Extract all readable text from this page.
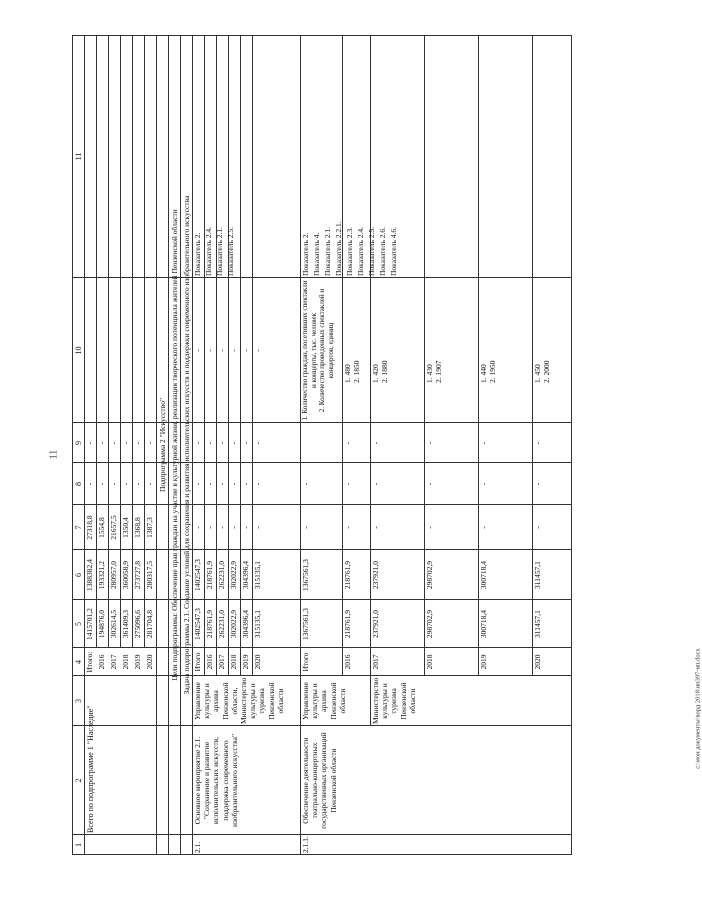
11
1
2
3
4
5
6
7
8
9
10
11
Всего по подпрограмме 1 "Наследие"
Подпрограмма 2 "Искусство" Цели подпрограммы: Обеспечение прав граждан на участие в культурной жизни, реализация творческого потенциала жителей Пензенской области Задача подпрограммы 2.1. Создание условий для сохранения и развития исполнительских искусств и поддержки современного изобразительного искусства
2.1.
Основное мероприятие 2.1. "Сохранение и развитие исполнительских искусств, поддержка современного изобразительного искусства"
Управление культуры и архива Пензенской области, Министерство культуры и туризма Пензенской области
2.1.1.
Обеспечение деятельности театрально-концертных государственных организаций Пензенской области
Итого
1367561,3
1367561,3
-
-
1. Количество граждан, посетивших спектакли и концерты, тыс. человек
2. Количество проведенных спектаклей и концертов, единиц
Итого:
1415701,2
1388382,4
27318,8
-
-
2016
194876,0
193321,2
1554,8
-
-
2017
302614,5
280957,0
21657,5
-
-
2018
361409,3
360058,9
1350,4
-
-
2019
275096,6
273727,8
1368,8
-
-
2020
281704,8
280317,5
1387,3
-
-
Итого
1402547,3
1402547,3
-
-
-
-
2016
218761,9
218761,9
-
-
-
-
2017
262231,0
262231,0
-
-
-
-
2018
302022,9
302022,9
-
-
-
-
2019
304396,4
304396,4
-
-
-
-
2020
315135,1
315135,1
-
-
-
-
Показатель 2. Показатель 2.4. Показатель 2.1. Показатель 2.5.
Управление культуры и архива Пензенской области
2016
218761,9
218761,9
-
-
-
1. 480
2. 1850
Министерство культуры и туризма Пензенской области
2017
237921,0
237921,0
-
-
-
1. 420
2. 1880
2018
298702,9
298702,9
-
-
-
1. 430
2. 1907
2019
300718,4
300718,4
-
-
-
1. 440
2. 1950
2020
311457,1
311457,1
-
-
-
1. 450
2. 2000
Показатель 2. Показатель 4. Показатель 2.1. Показатель 2.2.1. Показатель 2.3. Показатель 2.4. Показатель 2.5. Показатель 2.6. Показатель 4.6.
c:\мои документы\ворд 2018\ип397-ип.docx
